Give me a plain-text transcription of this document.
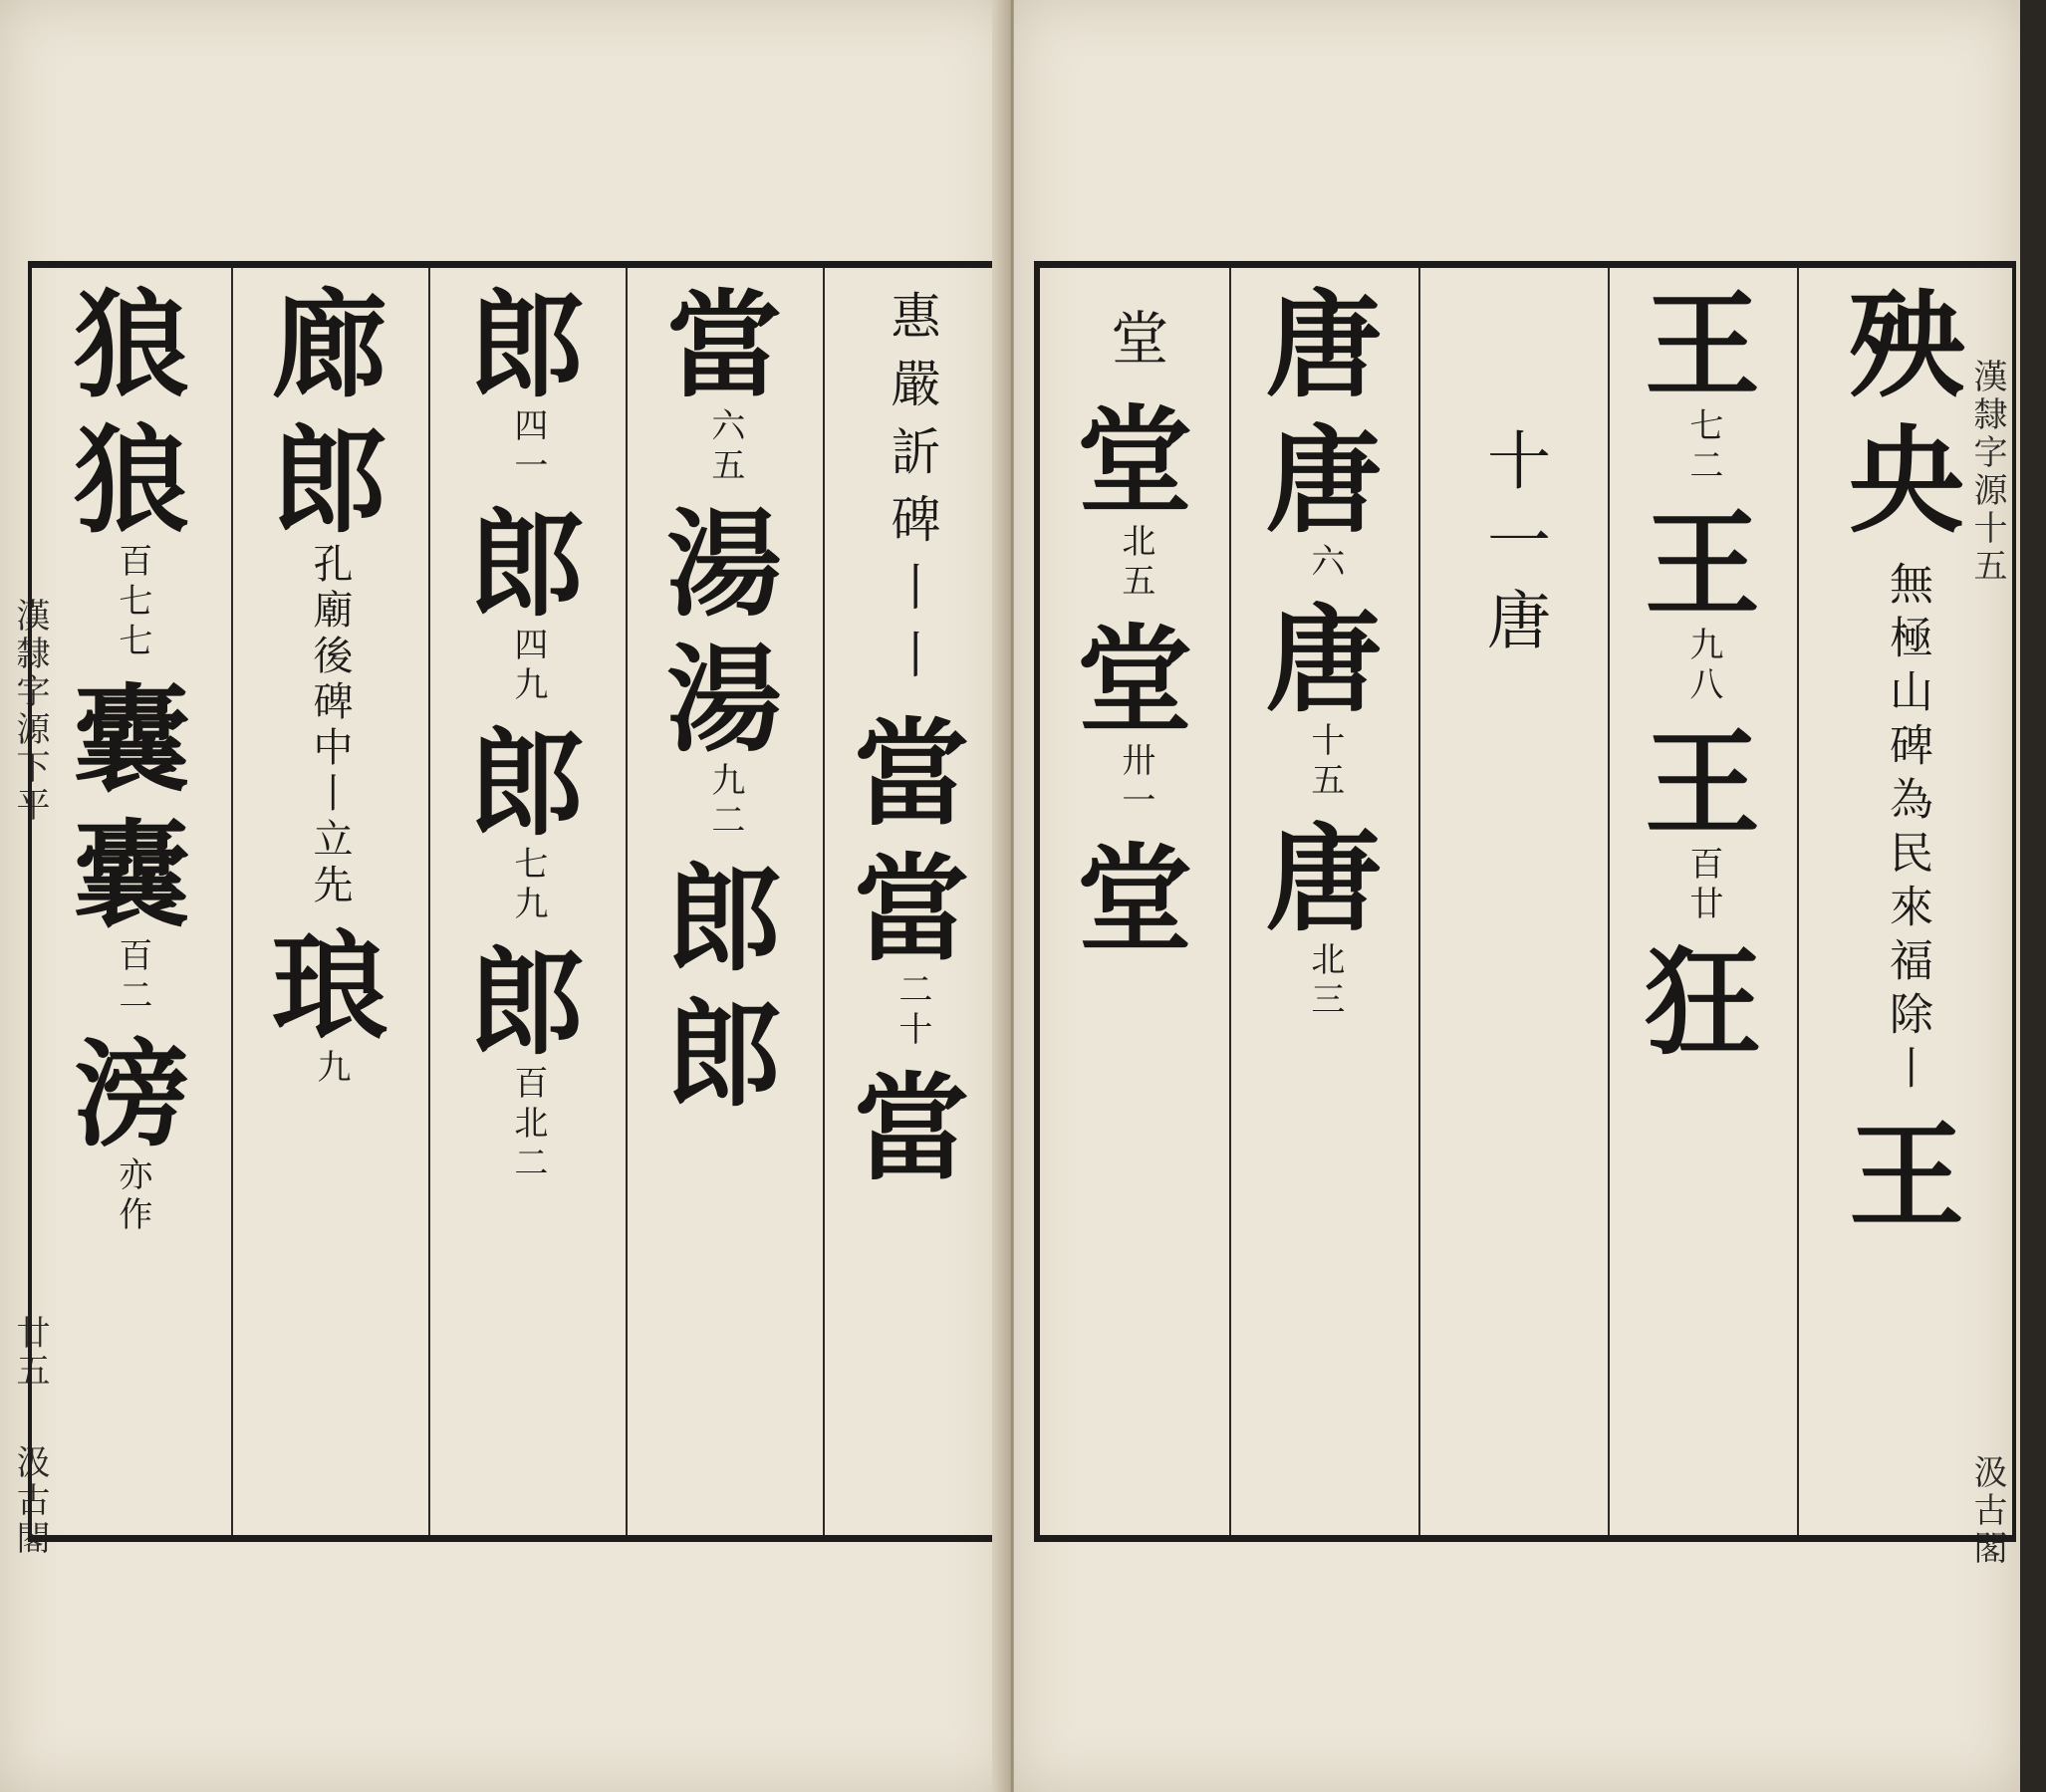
漢隸字源下平
廿五
汲古閣
狼
狼
百七七
囊
囊
百二
滂
亦作
廊
郎
孔廟後碑中丨立先
琅
九
郎
四一
郎
四九
郎
七九
郎
百北二
當
六五
湯
湯
九二
郎
郎
惠嚴訢碑丨丨
當
當
二十
當
漢隸字源十五
汲古閣
堂
堂
北五
堂
卅一
堂
唐
唐
六
唐
十五
唐
北三
十一唐
王
七二
王
九八
王
百廿
狂
殃
央
無極山碑為民來福除丨
王
